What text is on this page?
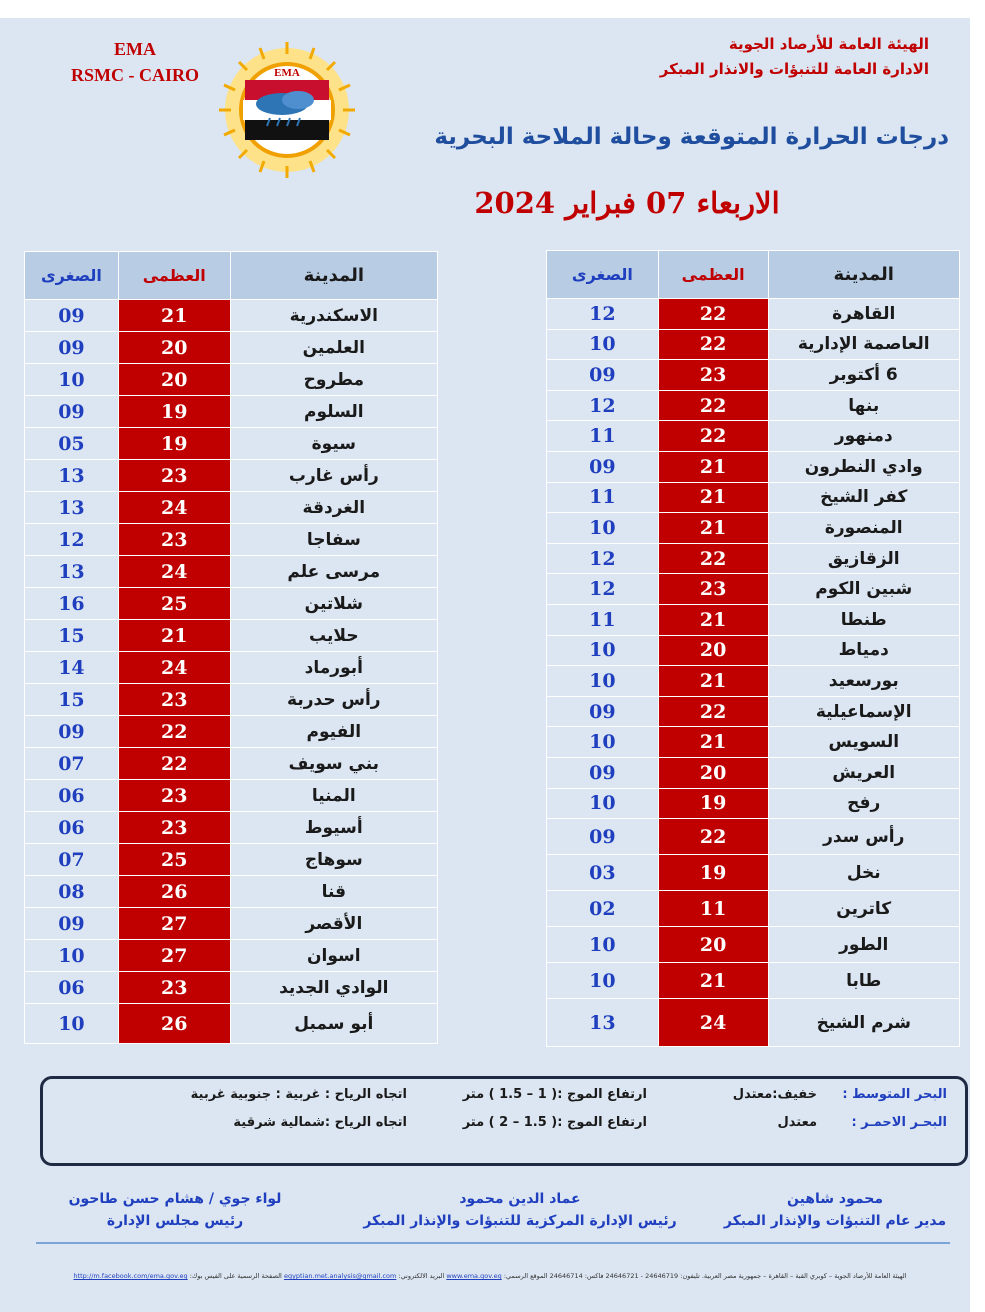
EMA
RSMC - CAIRO	EMA
الهيئة العامة للأرصاد الجوية
الادارة العامة للتنبؤات والانذار المبكر
درجات الحرارة المتوقعة وحالة الملاحة البحرية
الاربعاء 07 فبراير 2024
المدينة	العظمى	الصغرى
القاهرة	22	12
العاصمة الإدارية	22	10
6 أكتوبر	23	09
بنها	22	12
دمنهور	22	11
وادي النطرون	21	09
كفر الشيخ	21	11
المنصورة	21	10
الزقازيق	22	12
شبين الكوم	23	12
طنطا	21	11
دمياط	20	10
بورسعيد	21	10
الإسماعيلية	22	09
السويس	21	10
العريش	20	09
رفح	19	10
رأس سدر	22	09
نخل	19	03
كاترين	11	02
الطور	20	10
طابا	21	10
شرم الشيخ	24	13
المدينة	العظمى	الصغرى
الاسكندرية	21	09
العلمين	20	09
مطروح	20	10
السلوم	19	09
سيوة	19	05
رأس غارب	23	13
الغردقة	24	13
سفاجا	23	12
مرسى علم	24	13
شلاتين	25	16
حلايب	21	15
أبورماد	24	14
رأس حدربة	23	15
الفيوم	22	09
بني سويف	22	07
المنيا	23	06
أسيوط	23	06
سوهاج	25	07
قنا	26	08
الأقصر	27	09
اسوان	27	10
الوادي الجديد	23	06
أبو سمبل	26	10
البحر المتوسط :
خفيف:معتدل
ارتفاع الموج :( 1 – 1.5 ) متر
اتجاه الرياح : غربية : جنوبية غربية
البحـر الاحمـر :
معتدل
ارتفاع الموج :( 1.5 – 2 ) متر
اتجاه الرياح :شمالية شرقية
محمود شاهين
مدير عام التنبؤات والإنذار المبكر
عماد الدين محمود
رئيس الإدارة المركزية للتنبؤات والإنذار المبكر
لواء جوي / هشام حسن طاحون
رئيس مجلس الإدارة
الهيئة العامة للأرصاد الجوية – كوبري القبة – القاهرة – جمهورية مصر العربية. تليفون: 24646719 - 24646721 فاكس: 24646714 الموقع الرسمي: www.ema.gov.eg البريد الالكتروني: egyptian.met.analysis@gmail.com الصفحة الرسمية على الفيس بوك: http://m.facebook.com/ema.gov.eg
